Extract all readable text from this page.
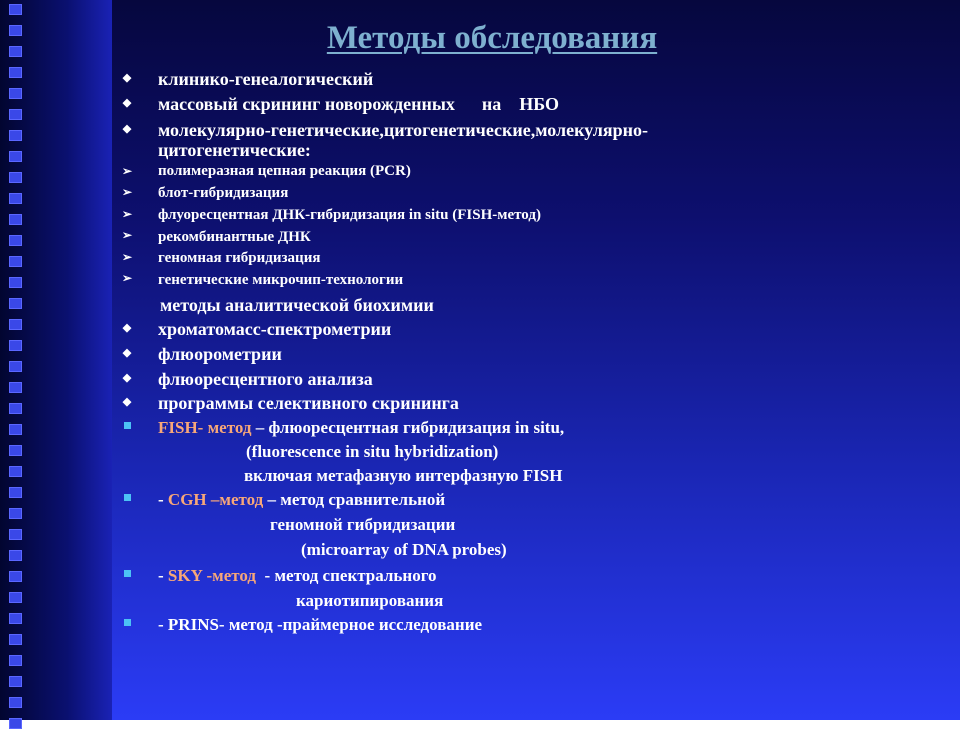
Методы обследования
◆ клинико-генеалогический
◆ массовый скрининг новорожденных      на    НБО
◆ молекулярно-генетические,цитогенетические,молекулярно-
цитогенетические:
➢ полимеразная цепная реакция (PCR)
➢ блот-гибридизация
➢ флуоресцентная ДНК-гибридизация in situ (FISH-метод)
➢ рекомбинантные ДНК
➢ геномная гибридизация
➢ генетические микрочип-технологии
методы аналитической биохимии
◆ хроматомасс-спектрометрии
◆ флюорометрии
◆ флюоресцентного анализа
◆ программы селективного скрининга
FISH- метод – флюоресцентная гибридизация in situ,
(fluorescence in situ hybridization)
включая метафазную интерфазную FISH
- CGH –метод – метод сравнительной
геномной гибридизации
(microarray of DNA probes)
- SKY -метод  - метод спектрального
кариотипирования
- PRINS- метод -праймерное исследование
